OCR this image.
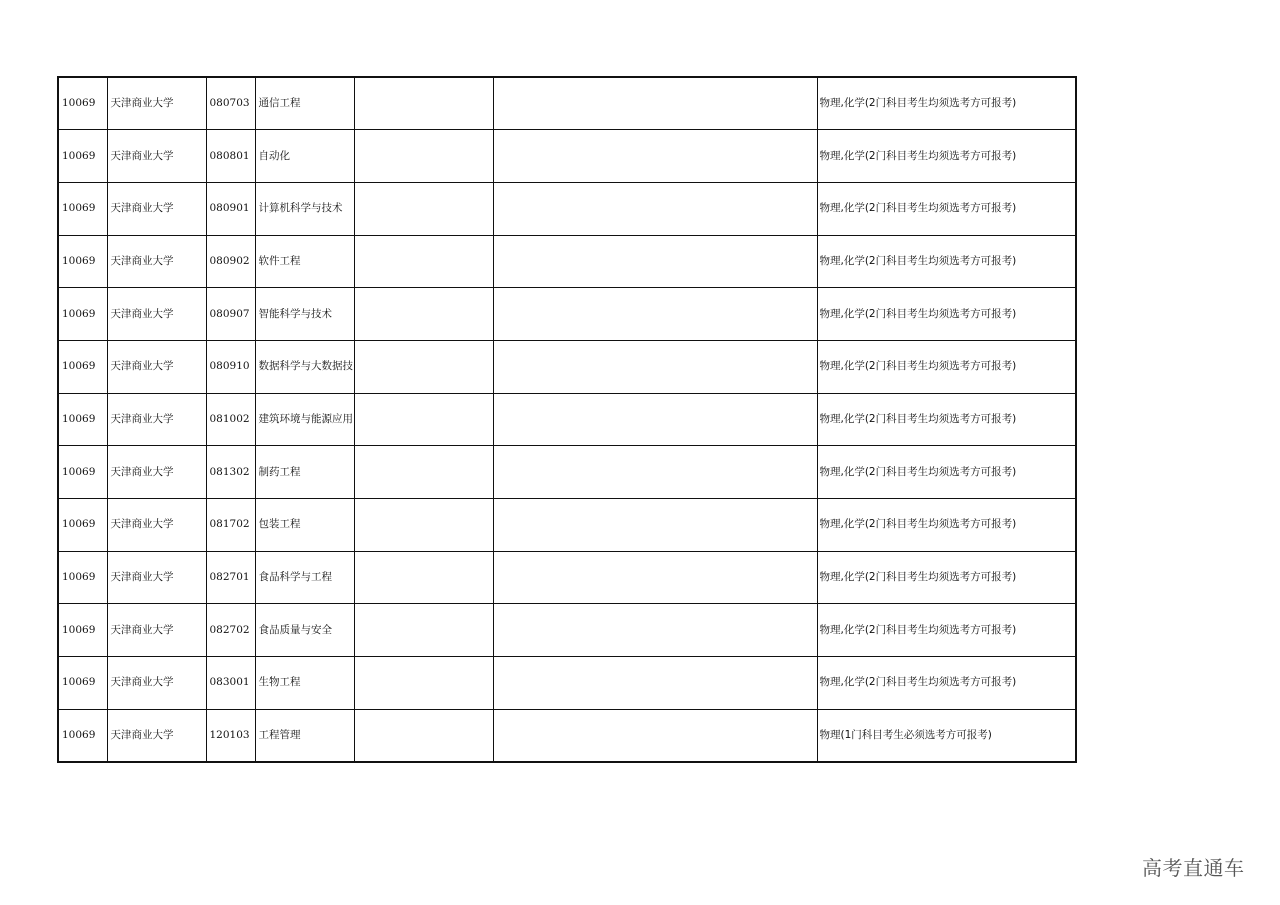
10069	天津商业大学	080703	通信工程			物理,化学(2门科目考生均须选考方可报考)
10069	天津商业大学	080801	自动化			物理,化学(2门科目考生均须选考方可报考)
10069	天津商业大学	080901	计算机科学与技术			物理,化学(2门科目考生均须选考方可报考)
10069	天津商业大学	080902	软件工程			物理,化学(2门科目考生均须选考方可报考)
10069	天津商业大学	080907	智能科学与技术			物理,化学(2门科目考生均须选考方可报考)
10069	天津商业大学	080910	数据科学与大数据技			物理,化学(2门科目考生均须选考方可报考)
10069	天津商业大学	081002	建筑环境与能源应用			物理,化学(2门科目考生均须选考方可报考)
10069	天津商业大学	081302	制药工程			物理,化学(2门科目考生均须选考方可报考)
10069	天津商业大学	081702	包装工程			物理,化学(2门科目考生均须选考方可报考)
10069	天津商业大学	082701	食品科学与工程			物理,化学(2门科目考生均须选考方可报考)
10069	天津商业大学	082702	食品质量与安全			物理,化学(2门科目考生均须选考方可报考)
10069	天津商业大学	083001	生物工程			物理,化学(2门科目考生均须选考方可报考)
10069	天津商业大学	120103	工程管理			物理(1门科目考生必须选考方可报考)
高考直通车
